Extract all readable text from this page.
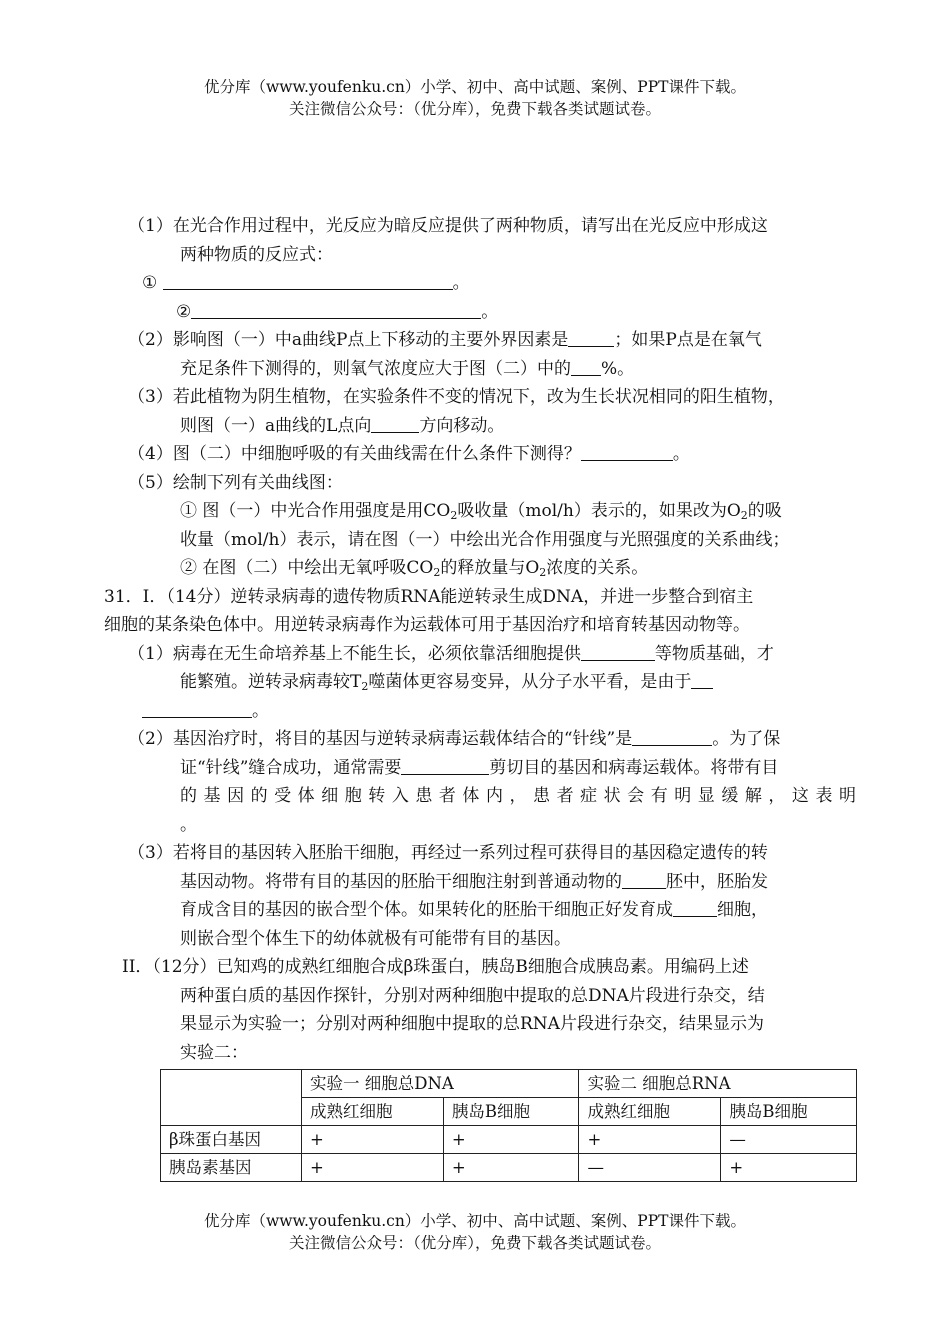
优分库（www.youfenku.cn）小学、初中、高中试题、案例、PPT课件下载。
关注微信公众号：（优分库），免费下载各类试题试卷。

（1）在光合作用过程中，光反应为暗反应提供了两种物质，请写出在光反应中形成这

两种物质的反应式：

①	。

②	。

（2）影响图（一）中a曲线P点上下移动的主要外界因素是	；如果P点是在氧气

充足条件下测得的，则氧气浓度应大于图（二）中的 %。

（3）若此植物为阴生植物，在实验条件不变的情况下，改为生长状况相同的阳生植物，

则图（一）a曲线的L点向	方向移动。

（4）图（二）中细胞呼吸的有关曲线需在什么条件下测得？	。

（5）绘制下列有关曲线图：

① 图（一）中光合作用强度是用$CO_2$吸收量（mol/h）表示的，如果改为$O_2$的吸

收量（mol/h）表示，请在图（一）中绘出光合作用强度与光照强度的关系曲线；

② 在图（二）中绘出无氧呼吸$CO_2$的释放量与$O_2$浓度的关系。

31．I．（14分）逆转录病毒的遗传物质RNA能逆转录生成DNA，并进一步整合到宿主

细胞的某条染色体中。用逆转录病毒作为运载体可用于基因治疗和培育转基因动物等。

（1）病毒在无生命培养基上不能生长，必须依靠活细胞提供	等物质基础，才

能繁殖。逆转录病毒较$T_2$噬菌体更容易变异，从分子水平看，是由于

。

（2）基因治疗时，将目的基因与逆转录病毒运载体结合的“针线”是	。为了保

证“针线”缝合成功，通常需要	剪切目的基因和病毒运载体。将带有目

的基因的受体细胞转入患者体内，患者症状会有明显缓解，这表明

。

（3）若将目的基因转入胚胎干细胞，再经过一系列过程可获得目的基因稳定遗传的转

基因动物。将带有目的基因的胚胎干细胞注射到普通动物的	胚中，胚胎发

育成含目的基因的嵌合型个体。如果转化的胚胎干细胞正好发育成	细胞，

则嵌合型个体生下的幼体就极有可能带有目的基因。

II．（12分）已知鸡的成熟红细胞合成β珠蛋白，胰岛B细胞合成胰岛素。用编码上述

两种蛋白质的基因作探针，分别对两种细胞中提取的总DNA片段进行杂交，结

果显示为实验一；分别对两种细胞中提取的总RNA片段进行杂交，结果显示为

实验二：

	实验一 细胞总DNA		实验二 细胞总RNA	
	成熟红细胞	胰岛B细胞	成熟红细胞	胰岛B细胞
β珠蛋白基因	+	+	+	—
胰岛素基因	+	+	—	+
优分库（www.youfenku.cn）小学、初中、高中试题、案例、PPT课件下载。
关注微信公众号：（优分库），免费下载各类试题试卷。
